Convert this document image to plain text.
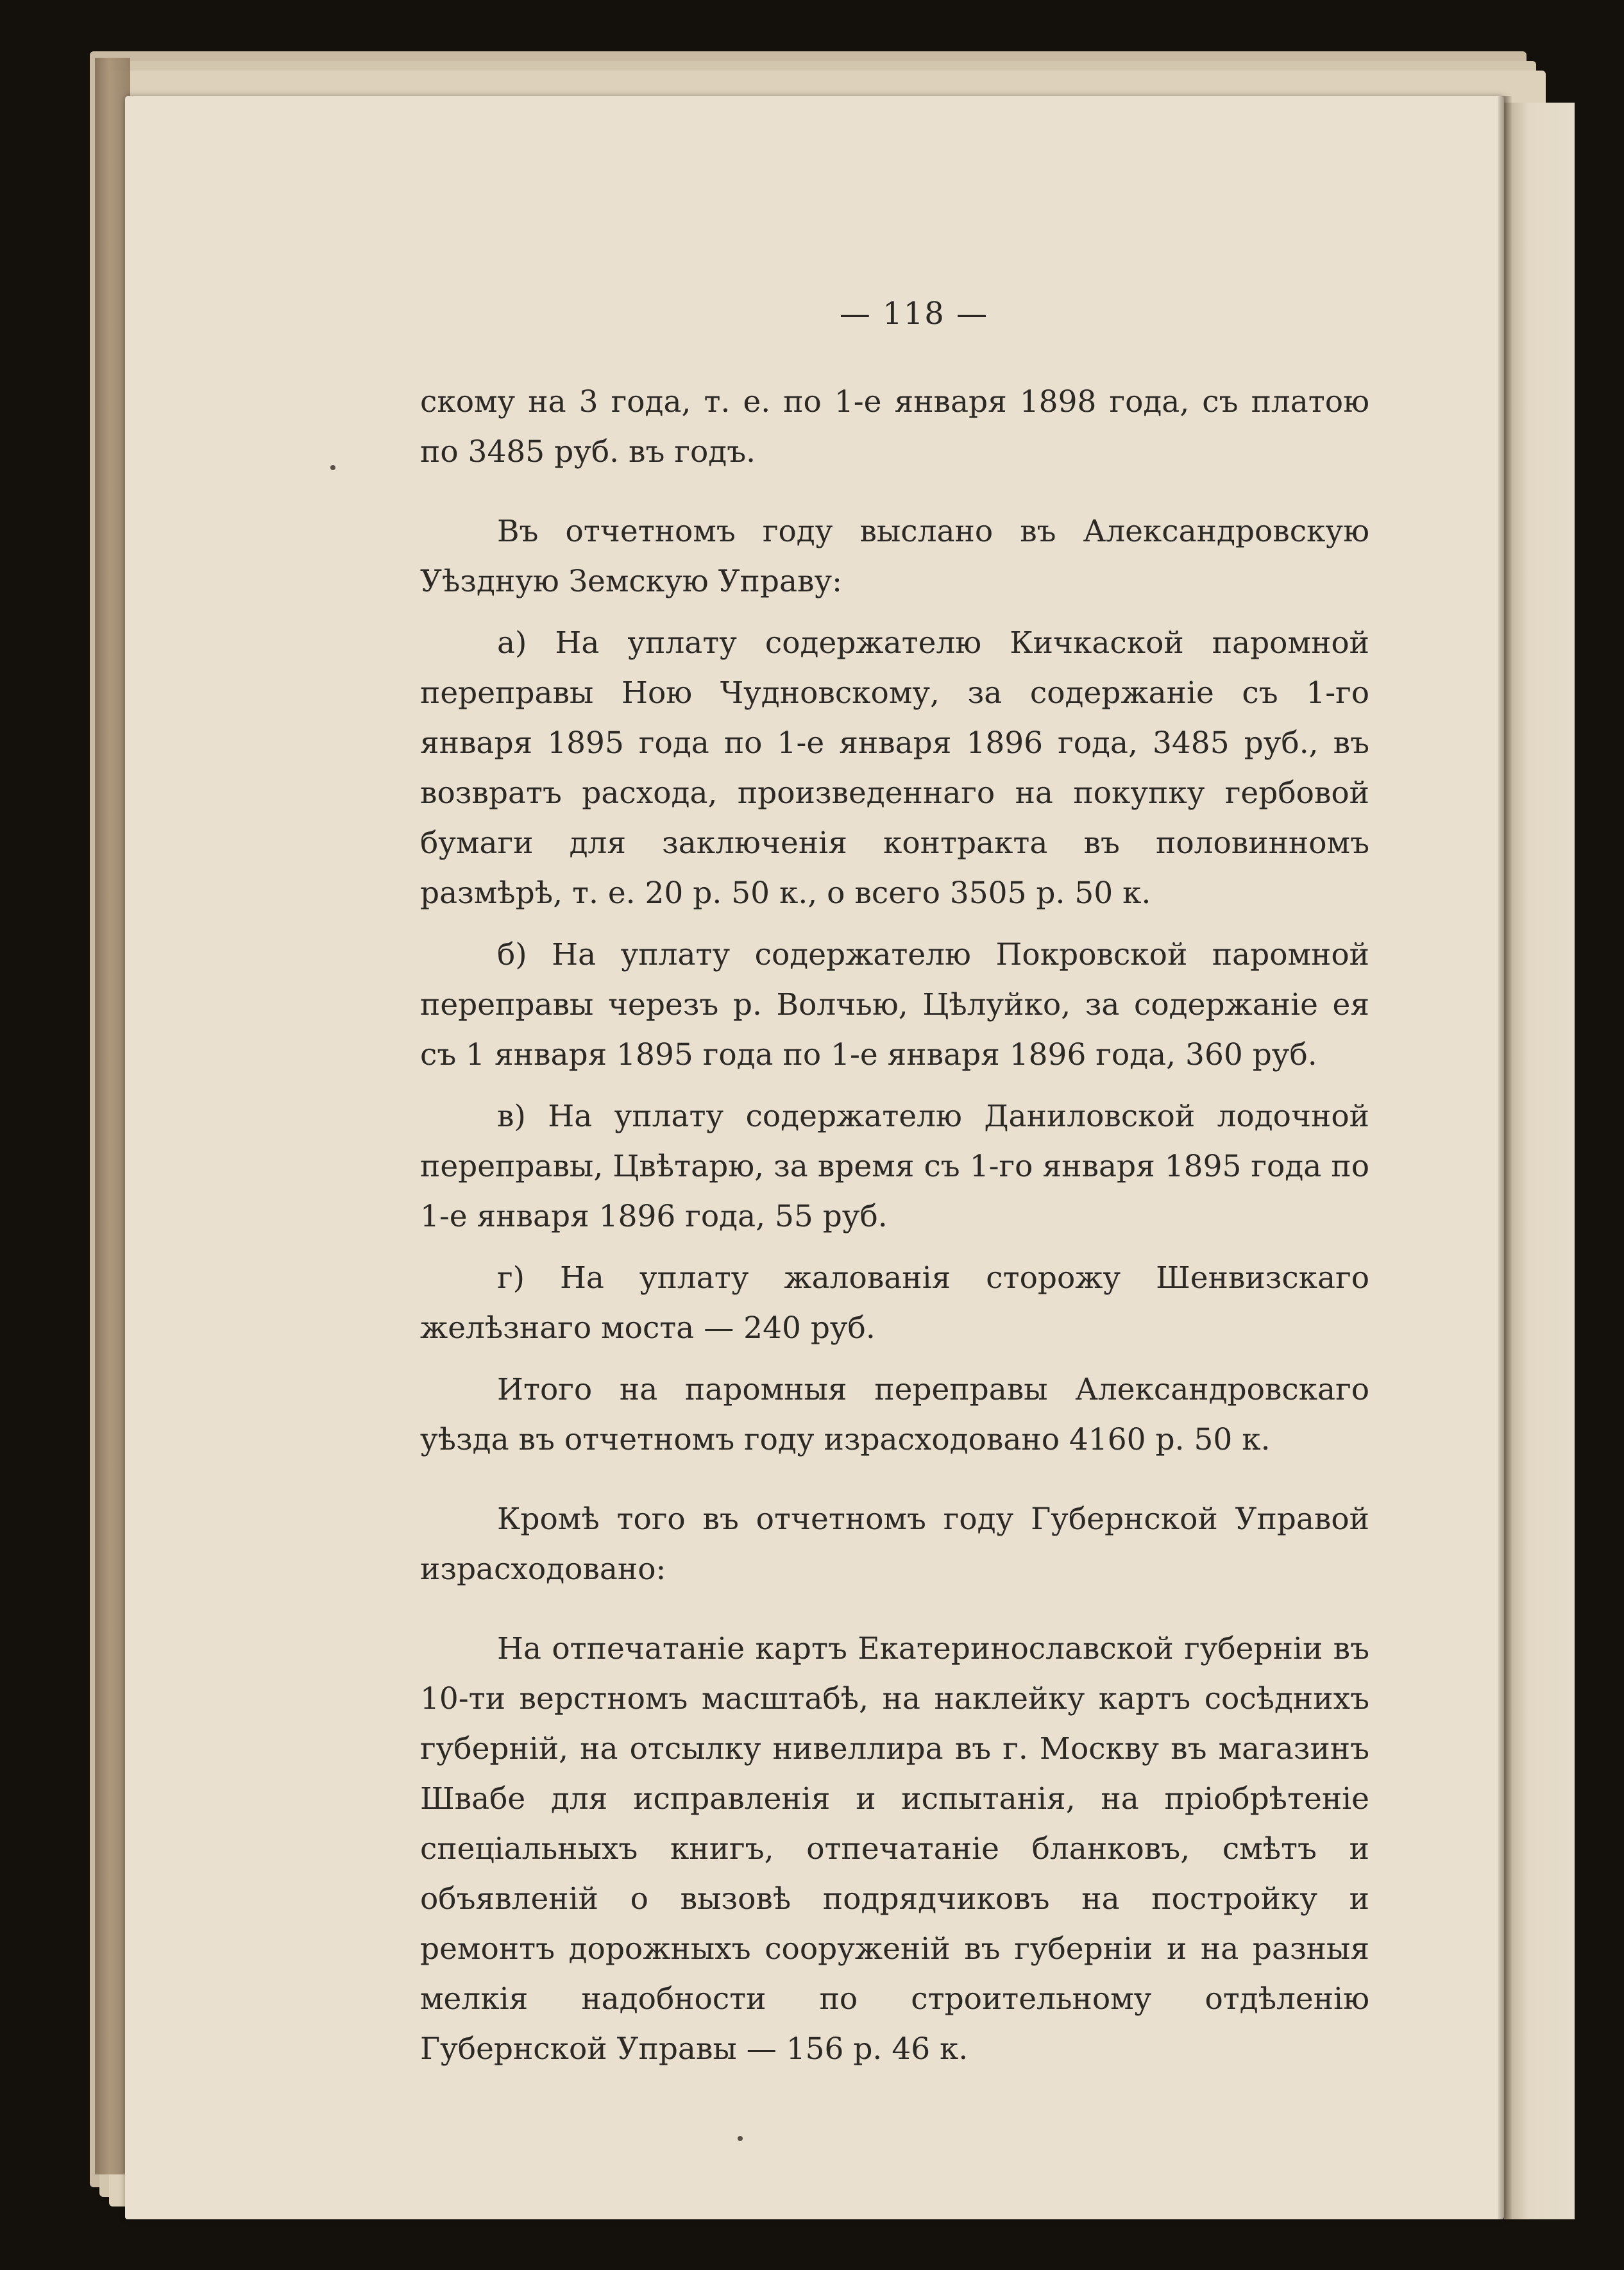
— 118 —

скому на 3 года, т. е. по 1-е января 1898 года, съ платою по 3485 руб. въ годъ.

Въ отчетномъ году выслано въ Александровскую Уѣздную Земскую Управу:

а) На уплату содержателю Кичкаской паромной переправы Ною Чудновскому, за содержаніе съ 1-го января 1895 года по 1-е января 1896 года, 3485 руб., въ возвратъ расхода, произведеннаго на покупку гербовой бумаги для заключенія контракта въ половинномъ размѣрѣ, т. е. 20 р. 50 к., о всего 3505 р. 50 к.

б) На уплату содержателю Покровской паромной переправы черезъ р. Волчью, Цѣлуйко, за содержаніе ея съ 1 января 1895 года по 1-е января 1896 года, 360 руб.

в) На уплату содержателю Даниловской лодочной переправы, Цвѣтарю, за время съ 1-го января 1895 года по 1-е января 1896 года, 55 руб.

г) На уплату жалованія сторожу Шенвизскаго желѣзнаго моста — 240 руб.

Итого на паромныя переправы Александровскаго уѣзда въ отчетномъ году израсходовано 4160 р. 50 к.

Кромѣ того въ отчетномъ году Губернской Управой израсходовано:

На отпечатаніе картъ Екатеринославской губерніи въ 10-ти верстномъ масштабѣ, на наклейку картъ сосѣднихъ губерній, на отсылку нивеллира въ г. Москву въ магазинъ Швабе для исправленія и испытанія, на пріобрѣтеніе спеціальныхъ книгъ, отпечатаніе бланковъ, смѣтъ и объявленій о вызовѣ подрядчиковъ на постройку и ремонтъ дорожныхъ сооруженій въ губерніи и на разныя мелкія надобности по строительному отдѣленію Губернской Управы — 156 р. 46 к.
